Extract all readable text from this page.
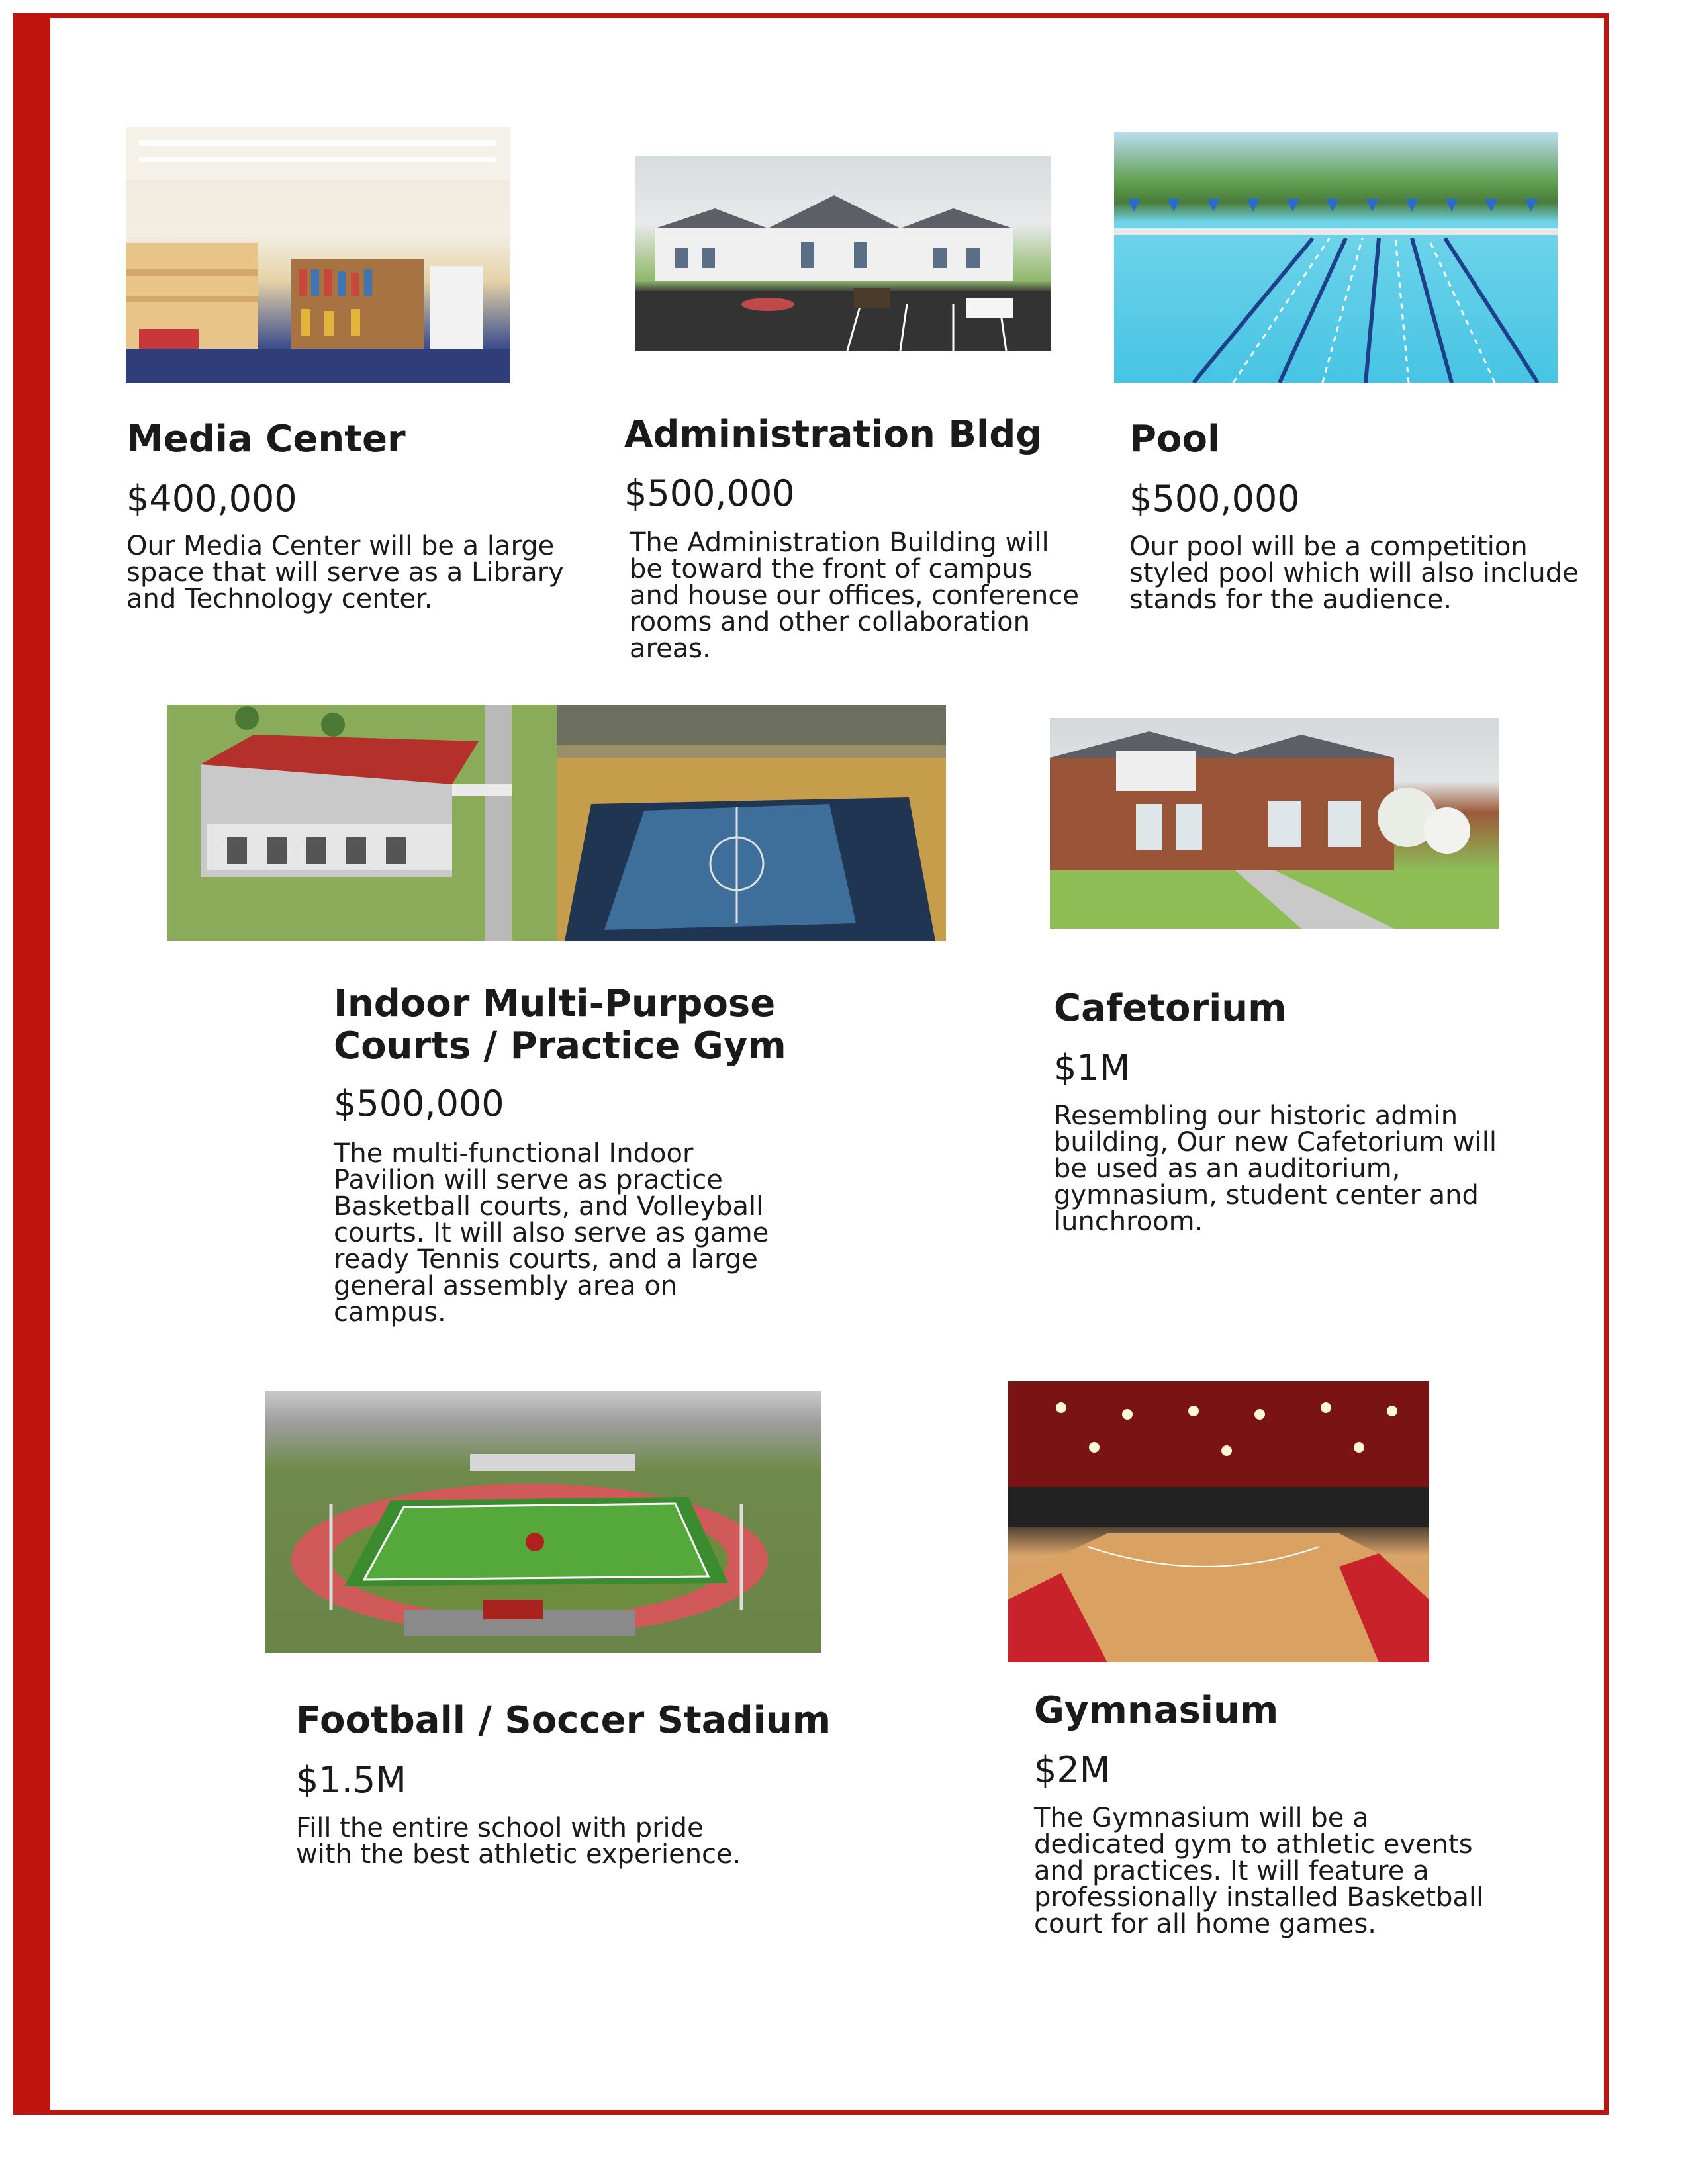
Media Center
$400,000
Our Media Center will be a large
space that will serve as a Library
and Technology center.
Administration Bldg
$500,000
The Administration Building will
be toward the front of campus
and house our offices, conference
rooms and other collaboration
areas.
Pool
$500,000
Our pool will be a competition
styled pool which will also include
stands for the audience.
Indoor Multi-Purpose
Courts / Practice Gym
$500,000
The multi-functional Indoor
Pavilion will serve as practice
Basketball courts, and Volleyball
courts. It will also serve as game
ready Tennis courts, and a large
general assembly area on
campus.
Cafetorium
$1M
Resembling our historic admin
building, Our new Cafetorium will
be used as an auditorium,
gymnasium, student center and
lunchroom.
Football / Soccer Stadium
$1.5M
Fill the entire school with pride
with the best athletic experience.
Gymnasium
$2M
The Gymnasium will be a
dedicated gym to athletic events
and practices. It will feature a
professionally installed Basketball
court for all home games.
